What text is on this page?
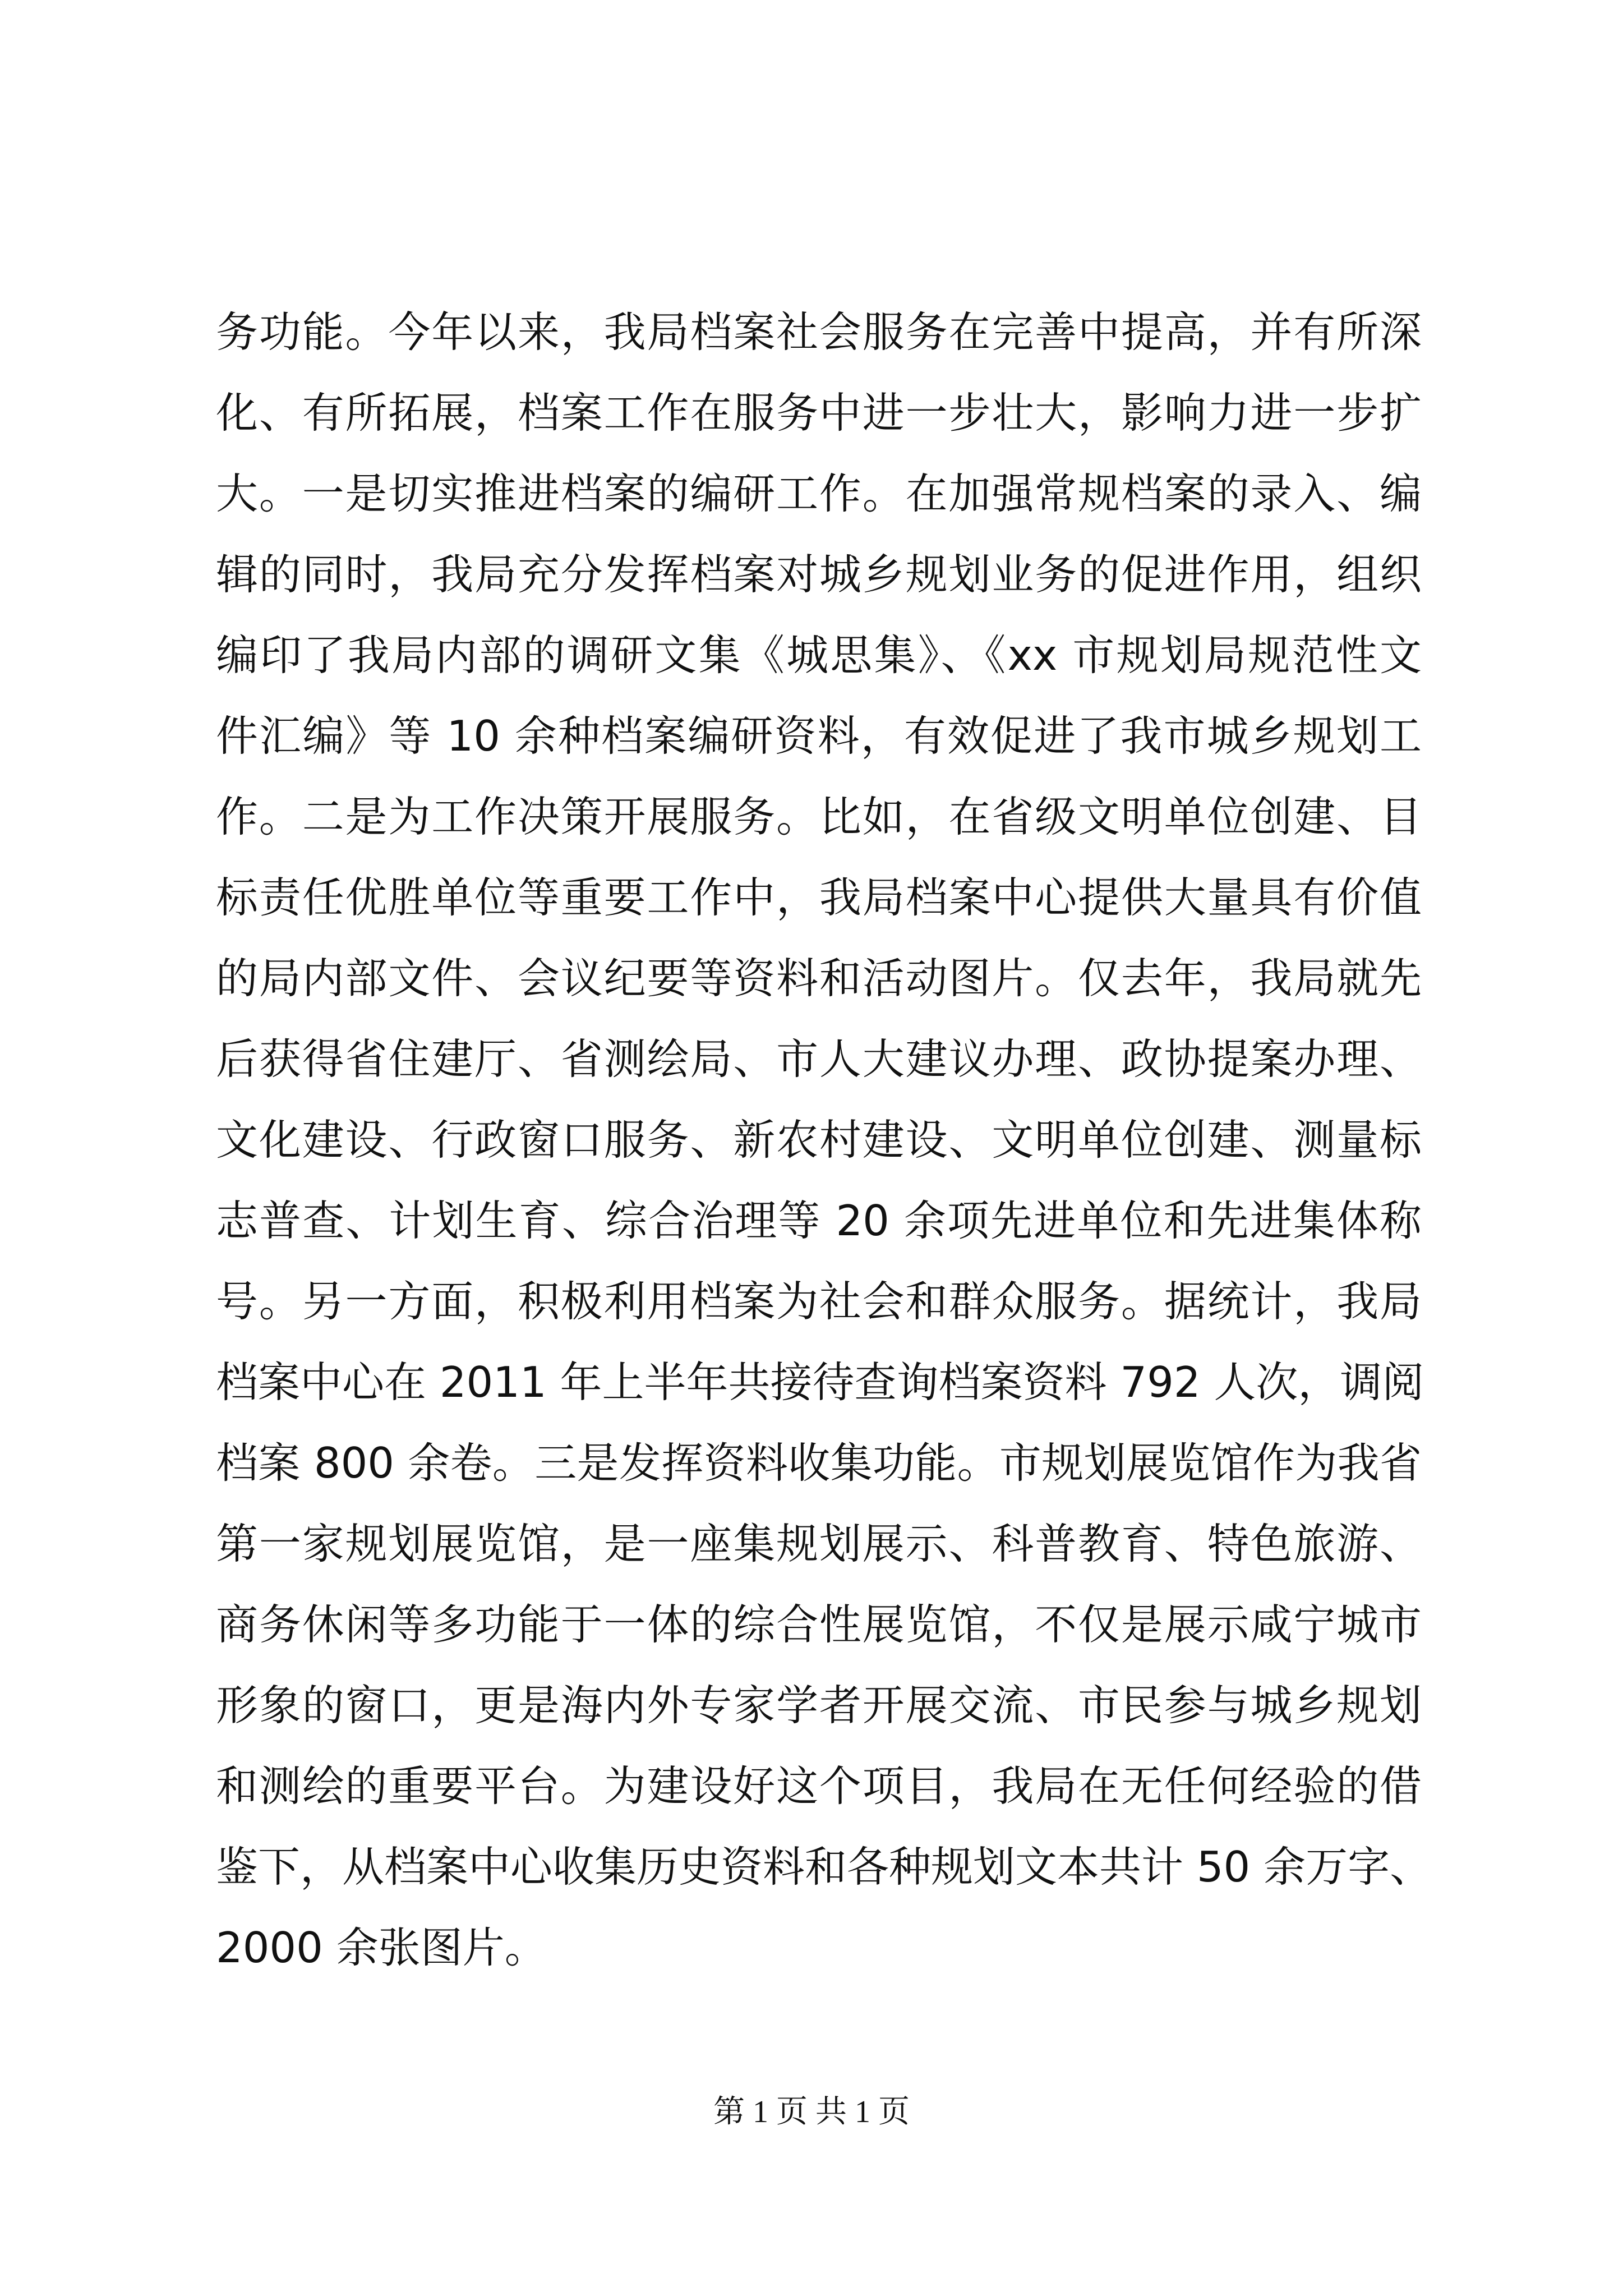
务功能。今年以来，我局档案社会服务在完善中提高，并有所深
化、有所拓展，档案工作在服务中进一步壮大，影响力进一步扩
大。一是切实推进档案的编研工作。在加强常规档案的录入、编
辑的同时，我局充分发挥档案对城乡规划业务的促进作用，组织
编印了我局内部的调研文集《城思集》、《xx 市规划局规范性文
件汇编》等 10 余种档案编研资料，有效促进了我市城乡规划工
作。二是为工作决策开展服务。比如，在省级文明单位创建、目
标责任优胜单位等重要工作中，我局档案中心提供大量具有价值
的局内部文件、会议纪要等资料和活动图片。仅去年，我局就先
后获得省住建厅、省测绘局、市人大建议办理、政协提案办理、
文化建设、行政窗口服务、新农村建设、文明单位创建、测量标
志普查、计划生育、综合治理等 20 余项先进单位和先进集体称
号。另一方面，积极利用档案为社会和群众服务。据统计，我局
档案中心在 2011 年上半年共接待查询档案资料 792 人次，调阅
档案 800 余卷。三是发挥资料收集功能。市规划展览馆作为我省
第一家规划展览馆，是一座集规划展示、科普教育、特色旅游、
商务休闲等多功能于一体的综合性展览馆，不仅是展示咸宁城市
形象的窗口，更是海内外专家学者开展交流、市民参与城乡规划
和测绘的重要平台。为建设好这个项目，我局在无任何经验的借
鉴下，从档案中心收集历史资料和各种规划文本共计 50 余万字、
2000 余张图片。
第 1 页 共 1 页
